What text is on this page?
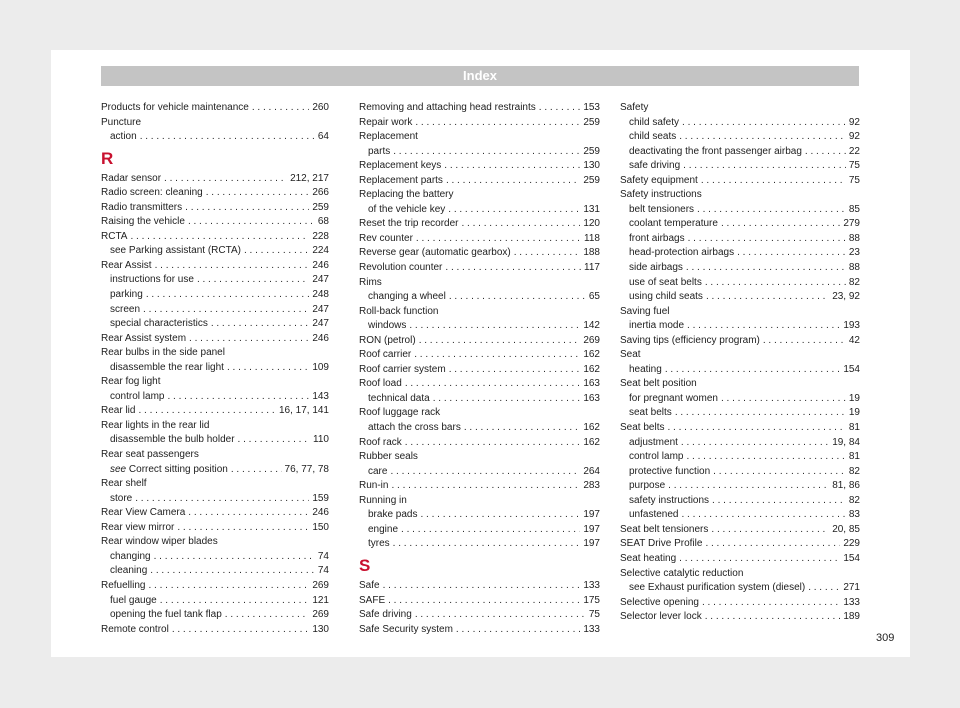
Index
Products for vehicle maintenance . . .	260
Puncture
action . . .	64
R
Radar sensor . . .	212, 217
Radio screen: cleaning . . .	266
Radio transmitters . . .	259
Raising the vehicle . . .	68
RCTA . . .	228
see Parking assistant (RCTA) . . .	224
Rear Assist . . .	246
instructions for use . . .	247
parking . . .	248
screen . . .	247
special characteristics . . .	247
Rear Assist system . . .	246
Rear bulbs in the side panel
disassemble the rear light . . .	109
Rear fog light
control lamp . . .	143
Rear lid . . .	16, 17, 141
Rear lights in the rear lid
disassemble the bulb holder . . .	110
Rear seat passengers
see Correct sitting position . . .	76, 77, 78
Rear shelf
store . . .	159
Rear View Camera . . .	246
Rear view mirror . . .	150
Rear window wiper blades
changing . . .	74
cleaning . . .	74
Refuelling . . .	269
fuel gauge . . .	121
opening the fuel tank flap . . .	269
Remote control . . .	130
Removing and attaching head restraints . . .	153
Repair work . . .	259
Replacement
parts . . .	259
Replacement keys . . .	130
Replacement parts . . .	259
Replacing the battery
of the vehicle key . . .	131
Reset the trip recorder . . .	120
Rev counter . . .	118
Reverse gear (automatic gearbox) . . .	188
Revolution counter . . .	117
Rims
changing a wheel . . .	65
Roll-back function
windows . . .	142
RON (petrol) . . .	269
Roof carrier . . .	162
Roof carrier system . . .	162
Roof load . . .	163
technical data . . .	163
Roof luggage rack
attach the cross bars . . .	162
Roof rack . . .	162
Rubber seals
care . . .	264
Run-in . . .	283
Running in
brake pads . . .	197
engine . . .	197
tyres . . .	197
S
Safe . . .	133
SAFE . . .	175
Safe driving . . .	75
Safe Security system . . .	133
Safety
child safety . . .	92
child seats . . .	92
deactivating the front passenger airbag . . .	22
safe driving . . .	75
Safety equipment . . .	75
Safety instructions
belt tensioners . . .	85
coolant temperature . . .	279
front airbags . . .	88
head-protection airbags . . .	23
side airbags . . .	88
use of seat belts . . .	82
using child seats . . .	23, 92
Saving fuel
inertia mode . . .	193
Saving tips (efficiency program) . . .	42
Seat
heating . . .	154
Seat belt position
for pregnant women . . .	19
seat belts . . .	19
Seat belts . . .	81
adjustment . . .	19, 84
control lamp . . .	81
protective function . . .	82
purpose . . .	81, 86
safety instructions . . .	82
unfastened . . .	83
Seat belt tensioners . . .	20, 85
SEAT Drive Profile . . .	229
Seat heating . . .	154
Selective catalytic reduction
see Exhaust purification system (diesel) . . .	271
Selective opening . . .	133
Selector lever lock . . .	189
309
